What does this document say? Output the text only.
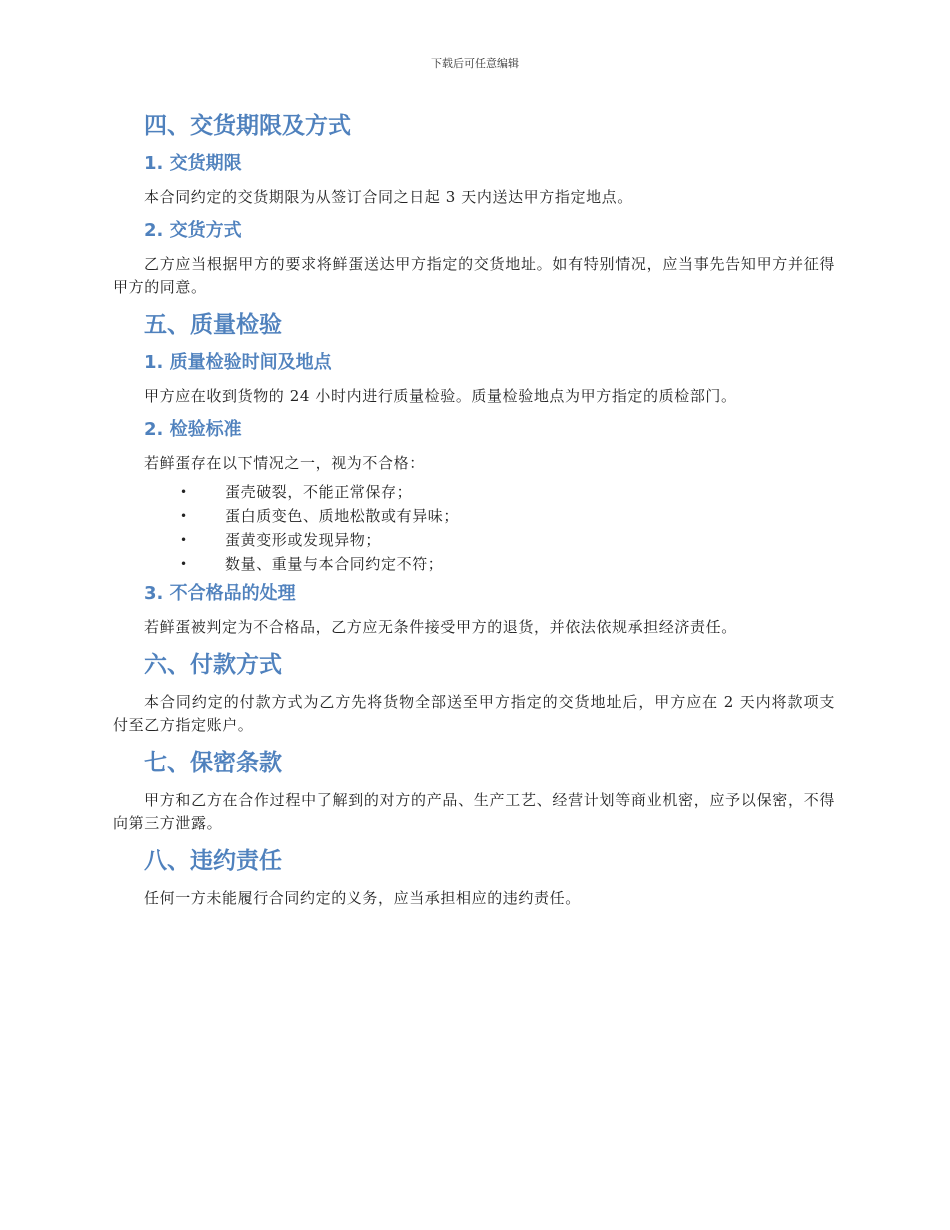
下载后可任意编辑
四、交货期限及方式
1. 交货期限

本合同约定的交货期限为从签订合同之日起 3 天内送达甲方指定地点。

2. 交货方式

乙方应当根据甲方的要求将鲜蛋送达甲方指定的交货地址。如有特别情况，应当事先告知甲方并征得甲方的同意。

五、质量检验
1. 质量检验时间及地点

甲方应在收到货物的 24 小时内进行质量检验。质量检验地点为甲方指定的质检部门。

2. 检验标准

若鲜蛋存在以下情况之一，视为不合格：

• 蛋壳破裂，不能正常保存；
• 蛋白质变色、质地松散或有异味；
• 蛋黄变形或发现异物；
• 数量、重量与本合同约定不符；
3. 不合格品的处理

若鲜蛋被判定为不合格品，乙方应无条件接受甲方的退货，并依法依规承担经济责任。

六、付款方式

本合同约定的付款方式为乙方先将货物全部送至甲方指定的交货地址后，甲方应在 2 天内将款项支付至乙方指定账户。

七、保密条款

甲方和乙方在合作过程中了解到的对方的产品、生产工艺、经营计划等商业机密，应予以保密，不得向第三方泄露。

八、违约责任

任何一方未能履行合同约定的义务，应当承担相应的违约责任。
